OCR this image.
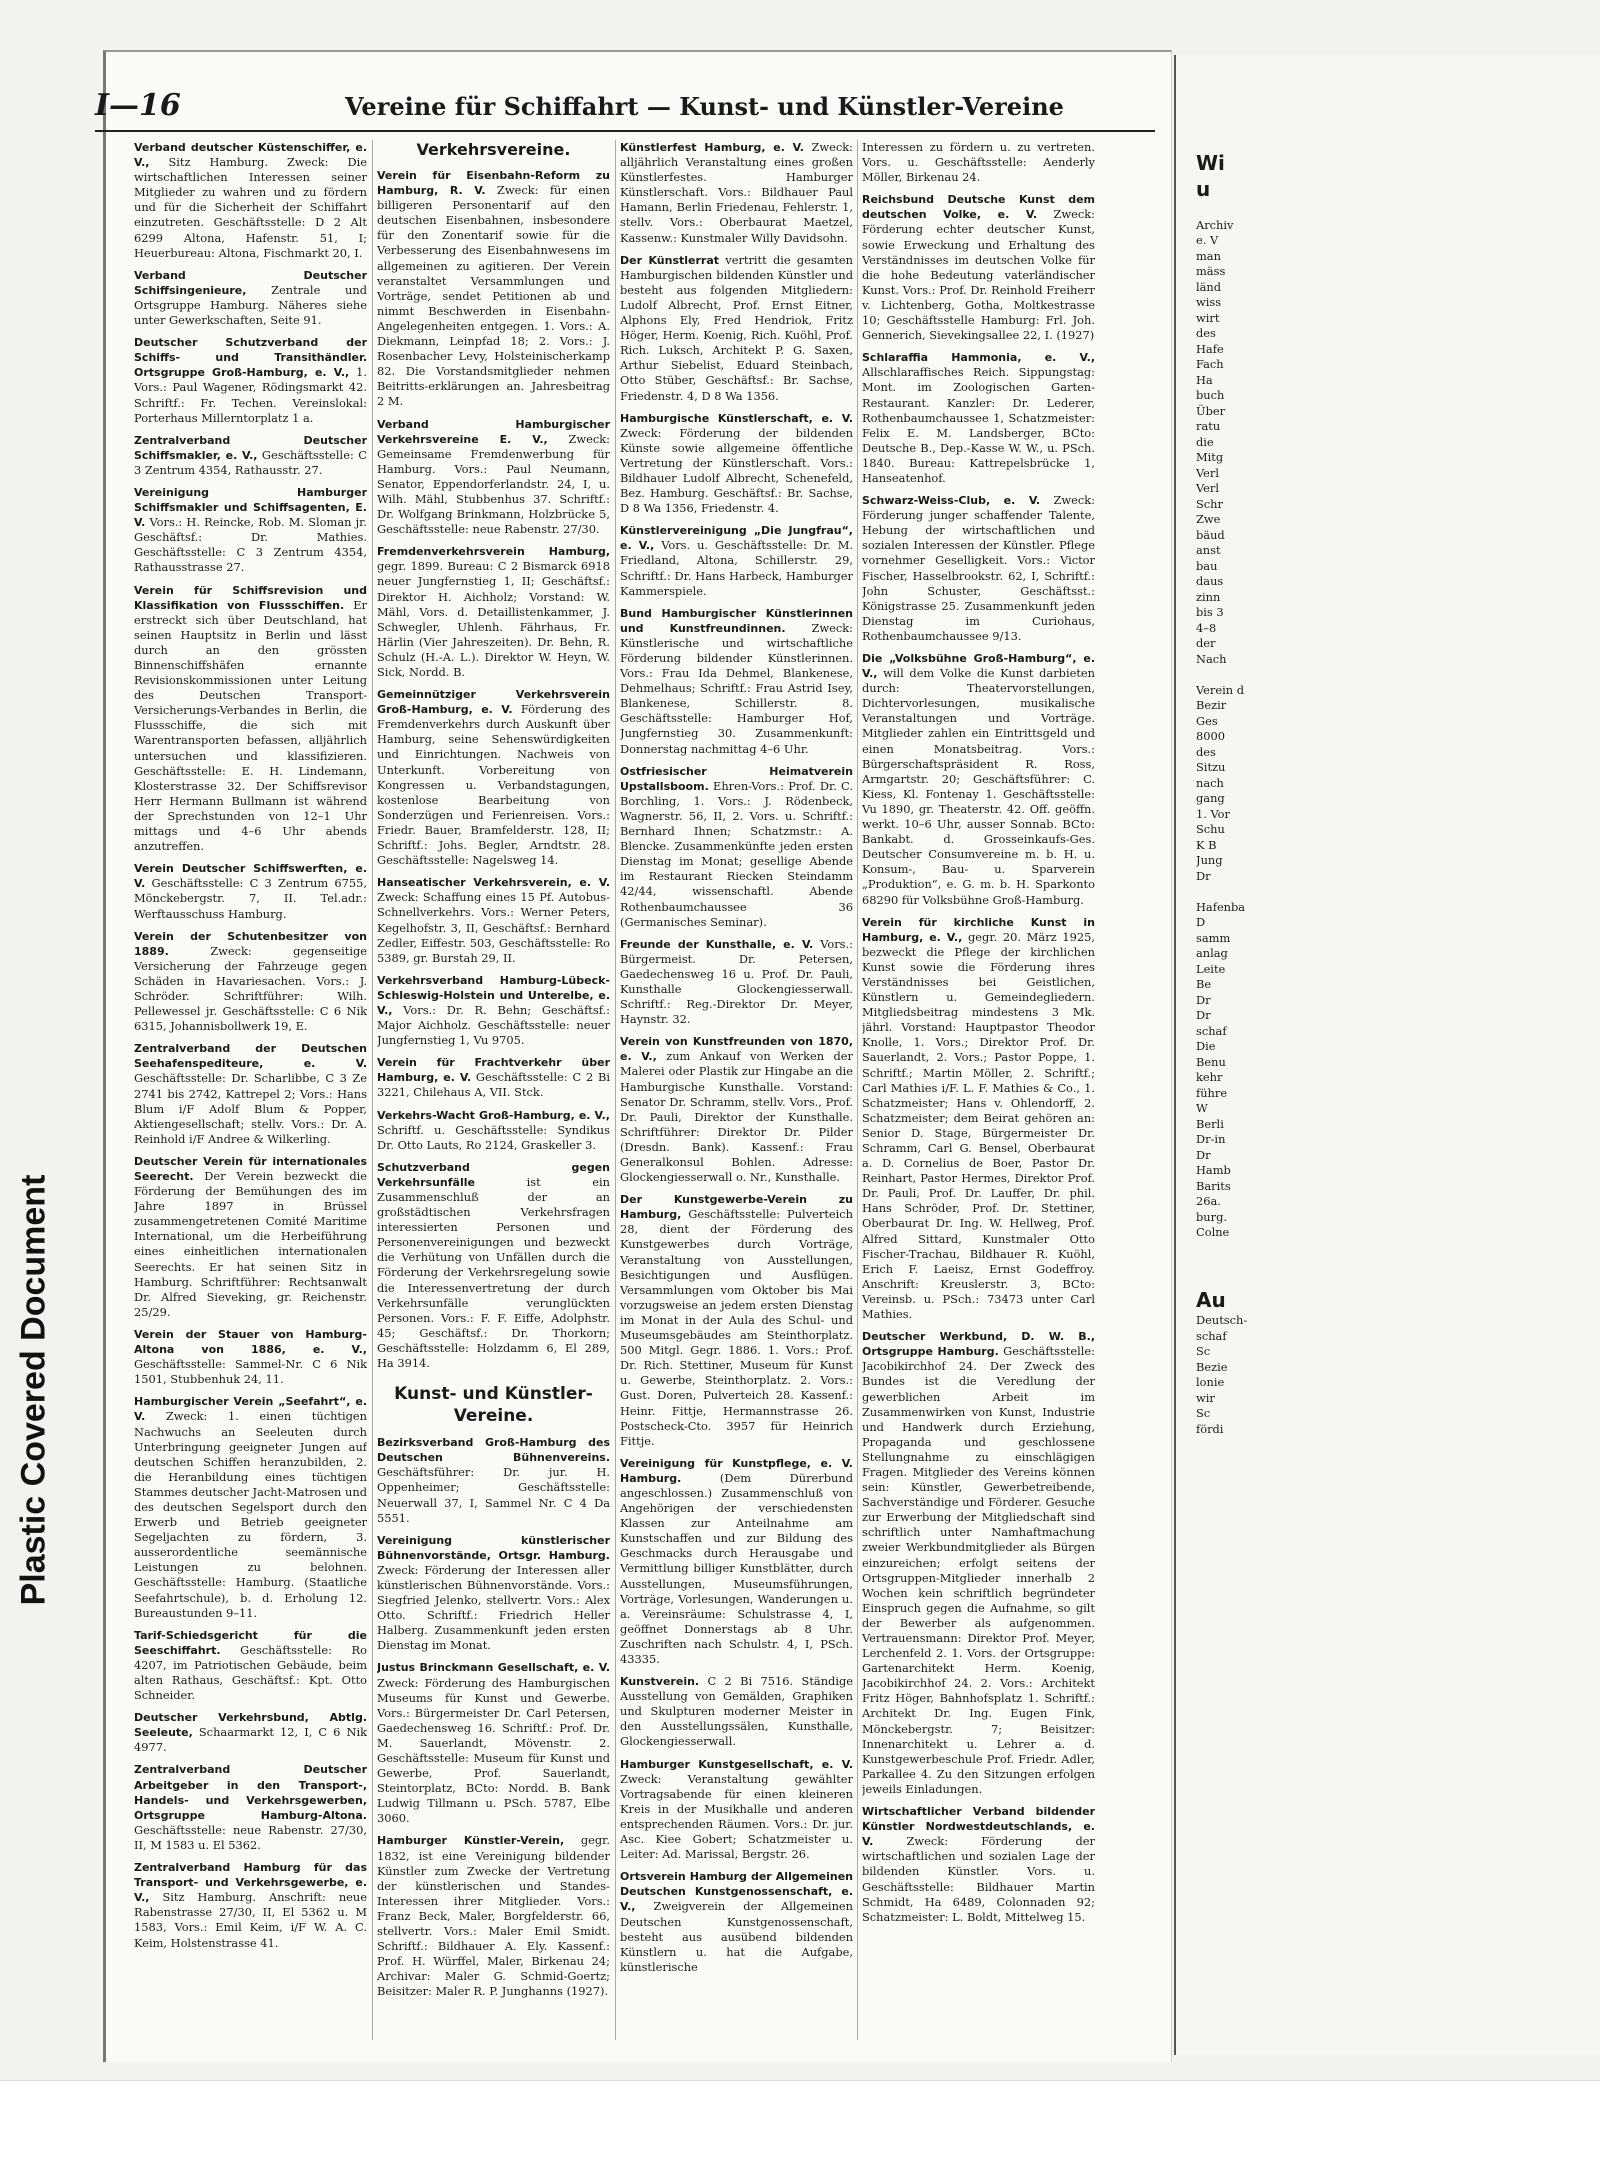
Plastic Covered Document

Wi

u

Archiv

e. V

man

mäss

länd

wiss

wirt

des

Hafe

Fach

Ha

buch

Über

ratu

die

Mitg

Verl

Verl

Schr

Zwe

bäud

anst

bau

daus

zinn

bis 3

4–8

der

Nach

Verein d

Bezir

Ges

8000

des

Sitzu

nach

gang

1. Vor

Schu

K B

Jung

Dr

Hafenba

D

samm

anlag

Leite

Be

Dr

Dr

schaf

Die

Benu

kehr

führe

W

Berli

Dr-in

Dr

Hamb

Barits

26a.

burg.

Colne

Au

Deutsch-

schaf

Sc

Bezie

lonie

wir

Sc

fördi

I—16	Vereine für Schiffahrt — Kunst- und Künstler-Vereine

Verband deutscher Küstenschiffer, e. V., Sitz Hamburg. Zweck: Die wirtschaftlichen Interessen seiner Mitglieder zu wahren und zu fördern und für die Sicherheit der Schiffahrt einzutreten. Geschäftsstelle: D 2 Alt 6299 Altona, Hafenstr. 51, I; Heuerbureau: Altona, Fischmarkt 20, I.

Verband Deutscher Schiffsingenieure, Zentrale und Ortsgruppe Hamburg. Näheres siehe unter Gewerkschaften, Seite 91.

Deutscher Schutzverband der Schiffs- und Transithändler. Ortsgruppe Groß-Hamburg, e. V., 1. Vors.: Paul Wagener, Rödingsmarkt 42. Schriftf.: Fr. Techen. Vereinslokal: Porterhaus Millerntorplatz 1 a.

Zentralverband Deutscher Schiffsmakler, e. V., Geschäftsstelle: C 3 Zentrum 4354, Rathausstr. 27.

Vereinigung Hamburger Schiffsmakler und Schiffsagenten, E. V. Vors.: H. Reincke, Rob. M. Sloman jr. Geschäftsf.: Dr. Mathies. Geschäftsstelle: C 3 Zentrum 4354, Rathausstrasse 27.

Verein für Schiffsrevision und Klassifikation von Flussschiffen. Er erstreckt sich über Deutschland, hat seinen Hauptsitz in Berlin und lässt durch an den grössten Binnenschiffshäfen ernannte Revisionskommissionen unter Leitung des Deutschen Transport-Versicherungs-Verbandes in Berlin, die Flussschiffe, die sich mit Warentransporten befassen, alljährlich untersuchen und klassifizieren. Geschäftsstelle: E. H. Lindemann, Klosterstrasse 32. Der Schiffsrevisor Herr Hermann Bullmann ist während der Sprechstunden von 12–1 Uhr mittags und 4–6 Uhr abends anzutreffen.

Verein Deutscher Schiffswerften, e. V. Geschäftsstelle: C 3 Zentrum 6755, Mönckebergstr. 7, II. Tel.adr.: Werftausschuss Hamburg.

Verein der Schutenbesitzer von 1889. Zweck: gegenseitige Versicherung der Fahrzeuge gegen Schäden in Havariesachen. Vors.: J. Schröder. Schriftführer: Wilh. Pellewessel jr. Geschäftsstelle: C 6 Nik 6315, Johannisbollwerk 19, E.

Zentralverband der Deutschen Seehafenspediteure, e. V. Geschäftsstelle: Dr. Scharlibbe, C 3 Ze 2741 bis 2742, Kattrepel 2; Vors.: Hans Blum i/F Adolf Blum & Popper, Aktiengesellschaft; stellv. Vors.: Dr. A. Reinhold i/F Andree & Wilkerling.

Deutscher Verein für internationales Seerecht. Der Verein bezweckt die Förderung der Bemühungen des im Jahre 1897 in Brüssel zusammengetretenen Comité Maritime International, um die Herbeiführung eines einheitlichen internationalen Seerechts. Er hat seinen Sitz in Hamburg. Schriftführer: Rechtsanwalt Dr. Alfred Sieveking, gr. Reichenstr. 25/29.

Verein der Stauer von Hamburg-Altona von 1886, e. V., Geschäftsstelle: Sammel-Nr. C 6 Nik 1501, Stubbenhuk 24, 11.

Hamburgischer Verein „Seefahrt“, e. V. Zweck: 1. einen tüchtigen Nachwuchs an Seeleuten durch Unterbringung geeigneter Jungen auf deutschen Schiffen heranzubilden, 2. die Heranbildung eines tüchtigen Stammes deutscher Jacht-Matrosen und des deutschen Segelsport durch den Erwerb und Betrieb geeigneter Segeljachten zu fördern, 3. ausserordentliche seemännische Leistungen zu belohnen. Geschäftsstelle: Hamburg. (Staatliche Seefahrtschule), b. d. Erholung 12. Bureaustunden 9–11.

Tarif-Schiedsgericht für die Seeschiffahrt. Geschäftsstelle: Ro 4207, im Patriotischen Gebäude, beim alten Rathaus, Geschäftsf.: Kpt. Otto Schneider.

Deutscher Verkehrsbund, Abtlg. Seeleute, Schaarmarkt 12, I, C 6 Nik 4977.

Zentralverband Deutscher Arbeitgeber in den Transport-, Handels- und Verkehrsgewerben, Ortsgruppe Hamburg-Altona. Geschäftsstelle: neue Rabenstr. 27/30, II, M 1583 u. El 5362.

Zentralverband Hamburg für das Transport- und Verkehrsgewerbe, e. V., Sitz Hamburg. Anschrift: neue Rabenstrasse 27/30, II, El 5362 u. M 1583, Vors.: Emil Keim, i/F W. A. C. Keim, Holstenstrasse 41.

Verkehrsvereine.

Verein für Eisenbahn-Reform zu Hamburg, R. V. Zweck: für einen billigeren Personentarif auf den deutschen Eisenbahnen, insbesondere für den Zonentarif sowie für die Verbesserung des Eisenbahnwesens im allgemeinen zu agitieren. Der Verein veranstaltet Versammlungen und Vorträge, sendet Petitionen ab und nimmt Beschwerden in Eisenbahn-Angelegenheiten entgegen. 1. Vors.: A. Diekmann, Leinpfad 18; 2. Vors.: J. Rosenbacher Levy, Holsteinischerkamp 82. Die Vorstandsmitglieder nehmen Beitritts-erklärungen an. Jahresbeitrag 2 M.

Verband Hamburgischer Verkehrsvereine E. V., Zweck: Gemeinsame Fremdenwerbung für Hamburg. Vors.: Paul Neumann, Senator, Eppendorferlandstr. 24, I, u. Wilh. Mähl, Stubbenhus 37. Schriftf.: Dr. Wolfgang Brinkmann, Holzbrücke 5, Geschäftsstelle: neue Rabenstr. 27/30.

Fremdenverkehrsverein Hamburg, gegr. 1899. Bureau: C 2 Bismarck 6918 neuer Jungfernstieg 1, II; Geschäftsf.: Direktor H. Aichholz; Vorstand: W. Mähl, Vors. d. Detaillistenkammer, J. Schwegler, Uhlenh. Fährhaus, Fr. Härlin (Vier Jahreszeiten). Dr. Behn, R. Schulz (H.-A. L.). Direktor W. Heyn, W. Sick, Nordd. B.

Gemeinnütziger Verkehrsverein Groß-Hamburg, e. V. Förderung des Fremdenverkehrs durch Auskunft über Hamburg, seine Sehenswürdigkeiten und Einrichtungen. Nachweis von Unterkunft. Vorbereitung von Kongressen u. Verbandstagungen, kostenlose Bearbeitung von Sonderzügen und Ferienreisen. Vors.: Friedr. Bauer, Bramfelderstr. 128, II; Schriftf.: Johs. Begler, Arndtstr. 28. Geschäftsstelle: Nagelsweg 14.

Hanseatischer Verkehrsverein, e. V. Zweck: Schaffung eines 15 Pf. Autobus-Schnellverkehrs. Vors.: Werner Peters, Kegelhofstr. 3, II, Geschäftsf.: Bernhard Zedler, Eiffestr. 503, Geschäftsstelle: Ro 5389, gr. Burstah 29, II.

Verkehrsverband Hamburg-Lübeck-Schleswig-Holstein und Unterelbe, e. V., Vors.: Dr. R. Behn; Geschäftsf.: Major Aichholz. Geschäftsstelle: neuer Jungfernstieg 1, Vu 9705.

Verein für Frachtverkehr über Hamburg, e. V. Geschäftsstelle: C 2 Bi 3221, Chilehaus A, VII. Stck.

Verkehrs-Wacht Groß-Hamburg, e. V., Schriftf. u. Geschäftsstelle: Syndikus Dr. Otto Lauts, Ro 2124, Graskeller 3.

Schutzverband gegen Verkehrsunfälle ist ein Zusammenschluß der an großstädtischen Verkehrsfragen interessierten Personen und Personenvereinigungen und bezweckt die Verhütung von Unfällen durch die Förderung der Verkehrsregelung sowie die Interessenvertretung der durch Verkehrsunfälle verunglückten Personen. Vors.: F. F. Eiffe, Adolphstr. 45; Geschäftsf.: Dr. Thorkorn; Geschäftsstelle: Holzdamm 6, El 289, Ha 3914.

Kunst- und Künstler-Vereine.

Bezirksverband Groß-Hamburg des Deutschen Bühnenvereins. Geschäftsführer: Dr. jur. H. Oppenheimer; Geschäftsstelle: Neuerwall 37, I, Sammel Nr. C 4 Da 5551.

Vereinigung künstlerischer Bühnenvorstände, Ortsgr. Hamburg. Zweck: Förderung der Interessen aller künstlerischen Bühnenvorstände. Vors.: Siegfried Jelenko, stellvertr. Vors.: Alex Otto. Schriftf.: Friedrich Heller Halberg. Zusammenkunft jeden ersten Dienstag im Monat.

Justus Brinckmann Gesellschaft, e. V. Zweck: Förderung des Hamburgischen Museums für Kunst und Gewerbe. Vors.: Bürgermeister Dr. Carl Petersen, Gaedechensweg 16. Schriftf.: Prof. Dr. M. Sauerlandt, Mövenstr. 2. Geschäftsstelle: Museum für Kunst und Gewerbe, Prof. Sauerlandt, Steintorplatz, BCto: Nordd. B. Bank Ludwig Tillmann u. PSch. 5787, Elbe 3060.

Hamburger Künstler-Verein, gegr. 1832, ist eine Vereinigung bildender Künstler zum Zwecke der Vertretung der künstlerischen und Standes-Interessen ihrer Mitglieder. Vors.: Franz Beck, Maler, Borgfelderstr. 66, stellvertr. Vors.: Maler Emil Smidt. Schriftf.: Bildhauer A. Ely. Kassenf.: Prof. H. Würffel, Maler, Birkenau 24; Archivar: Maler G. Schmid-Goertz; Beisitzer: Maler R. P. Junghanns (1927).

Künstlerfest Hamburg, e. V. Zweck: alljährlich Veranstaltung eines großen Künstlerfestes. Hamburger Künstlerschaft. Vors.: Bildhauer Paul Hamann, Berlin Friedenau, Fehlerstr. 1, stellv. Vors.: Oberbaurat Maetzel, Kassenw.: Kunstmaler Willy Davidsohn.

Der Künstlerrat vertritt die gesamten Hamburgischen bildenden Künstler und besteht aus folgenden Mitgliedern: Ludolf Albrecht, Prof. Ernst Eitner, Alphons Ely, Fred Hendriok, Fritz Höger, Herm. Koenig, Rich. Kuöhl, Prof. Rich. Luksch, Architekt P. G. Saxen, Arthur Siebelist, Eduard Steinbach, Otto Stüber, Geschäftsf.: Br. Sachse, Friedenstr. 4, D 8 Wa 1356.

Hamburgische Künstlerschaft, e. V. Zweck: Förderung der bildenden Künste sowie allgemeine öffentliche Vertretung der Künstlerschaft. Vors.: Bildhauer Ludolf Albrecht, Schenefeld, Bez. Hamburg. Geschäftsf.: Br. Sachse, D 8 Wa 1356, Friedenstr. 4.

Künstlervereinigung „Die Jungfrau“, e. V., Vors. u. Geschäftsstelle: Dr. M. Friedland, Altona, Schillerstr. 29, Schriftf.: Dr. Hans Harbeck, Hamburger Kammerspiele.

Bund Hamburgischer Künstlerinnen und Kunstfreundinnen. Zweck: Künstlerische und wirtschaftliche Förderung bildender Künstlerinnen. Vors.: Frau Ida Dehmel, Blankenese, Dehmelhaus; Schriftf.: Frau Astrid Isey, Blankenese, Schillerstr. 8. Geschäftsstelle: Hamburger Hof, Jungfernstieg 30. Zusammenkunft: Donnerstag nachmittag 4–6 Uhr.

Ostfriesischer Heimatverein Upstallsboom. Ehren-Vors.: Prof. Dr. C. Borchling, 1. Vors.: J. Rödenbeck, Wagnerstr. 56, II, 2. Vors. u. Schriftf.: Bernhard Ihnen; Schatzmstr.: A. Blencke. Zusammenkünfte jeden ersten Dienstag im Monat; gesellige Abende im Restaurant Riecken Steindamm 42/44, wissenschaftl. Abende Rothenbaumchaussee 36 (Germanisches Seminar).

Freunde der Kunsthalle, e. V. Vors.: Bürgermeist. Dr. Petersen, Gaedechensweg 16 u. Prof. Dr. Pauli, Kunsthalle Glockengiesserwall. Schriftf.: Reg.-Direktor Dr. Meyer, Haynstr. 32.

Verein von Kunstfreunden von 1870, e. V., zum Ankauf von Werken der Malerei oder Plastik zur Hingabe an die Hamburgische Kunsthalle. Vorstand: Senator Dr. Schramm, stellv. Vors., Prof. Dr. Pauli, Direktor der Kunsthalle. Schriftführer: Direktor Dr. Pilder (Dresdn. Bank). Kassenf.: Frau Generalkonsul Bohlen. Adresse: Glockengiesserwall o. Nr., Kunsthalle.

Der Kunstgewerbe-Verein zu Hamburg, Geschäftsstelle: Pulverteich 28, dient der Förderung des Kunstgewerbes durch Vorträge, Veranstaltung von Ausstellungen, Besichtigungen und Ausflügen. Versammlungen vom Oktober bis Mai vorzugsweise an jedem ersten Dienstag im Monat in der Aula des Schul- und Museumsgebäudes am Steinthorplatz. 500 Mitgl. Gegr. 1886. 1. Vors.: Prof. Dr. Rich. Stettiner, Museum für Kunst u. Gewerbe, Steinthorplatz. 2. Vors.: Gust. Doren, Pulverteich 28. Kassenf.: Heinr. Fittje, Hermannstrasse 26. Postscheck-Cto. 3957 für Heinrich Fittje.

Vereinigung für Kunstpflege, e. V. Hamburg. (Dem Dürerbund angeschlossen.) Zusammenschluß von Angehörigen der verschiedensten Klassen zur Anteilnahme am Kunstschaffen und zur Bildung des Geschmacks durch Herausgabe und Vermittlung billiger Kunstblätter, durch Ausstellungen, Museumsführungen, Vorträge, Vorlesungen, Wanderungen u. a. Vereinsräume: Schulstrasse 4, I, geöffnet Donnerstags ab 8 Uhr. Zuschriften nach Schulstr. 4, I, PSch. 43335.

Kunstverein. C 2 Bi 7516. Ständige Ausstellung von Gemälden, Graphiken und Skulpturen moderner Meister in den Ausstellungssälen, Kunsthalle, Glockengiesserwall.

Hamburger Kunstgesellschaft, e. V. Zweck: Veranstaltung gewählter Vortragsabende für einen kleineren Kreis in der Musikhalle und anderen entsprechenden Räumen. Vors.: Dr. jur. Asc. Kiee Gobert; Schatzmeister u. Leiter: Ad. Marissal, Bergstr. 26.

Ortsverein Hamburg der Allgemeinen Deutschen Kunstgenossenschaft, e. V., Zweigverein der Allgemeinen Deutschen Kunstgenossenschaft, besteht aus ausübend bildenden Künstlern u. hat die Aufgabe, künstlerische

Interessen zu fördern u. zu vertreten. Vors. u. Geschäftsstelle: Aenderly Möller, Birkenau 24.

Reichsbund Deutsche Kunst dem deutschen Volke, e. V. Zweck: Förderung echter deutscher Kunst, sowie Erweckung und Erhaltung des Verständnisses im deutschen Volke für die hohe Bedeutung vaterländischer Kunst. Vors.: Prof. Dr. Reinhold Freiherr v. Lichtenberg, Gotha, Moltkestrasse 10; Geschäftsstelle Hamburg: Frl. Joh. Gennerich, Sievekingsallee 22, I. (1927)

Schlaraffia Hammonia, e. V., Allschlaraffisches Reich. Sippungstag: Mont. im Zoologischen Garten-Restaurant. Kanzler: Dr. Lederer, Rothenbaumchaussee 1, Schatzmeister: Felix E. M. Landsberger, BCto: Deutsche B., Dep.-Kasse W. W., u. PSch. 1840. Bureau: Kattrepelsbrücke 1, Hanseatenhof.

Schwarz-Weiss-Club, e. V. Zweck: Förderung junger schaffender Talente, Hebung der wirtschaftlichen und sozialen Interessen der Künstler. Pflege vornehmer Geselligkeit. Vors.: Victor Fischer, Hasselbrookstr. 62, I, Schriftf.: John Schuster, Geschäftsst.: Königstrasse 25. Zusammenkunft jeden Dienstag im Curiohaus, Rothenbaumchaussee 9/13.

Die „Volksbühne Groß-Hamburg“, e. V., will dem Volke die Kunst darbieten durch: Theatervorstellungen, Dichtervorlesungen, musikalische Veranstaltungen und Vorträge. Mitglieder zahlen ein Eintrittsgeld und einen Monatsbeitrag. Vors.: Bürgerschaftspräsident R. Ross, Armgartstr. 20; Geschäftsführer: C. Kiess, Kl. Fontenay 1. Geschäftsstelle: Vu 1890, gr. Theaterstr. 42. Off. geöffn. werkt. 10–6 Uhr, ausser Sonnab. BCto: Bankabt. d. Grosseinkaufs-Ges. Deutscher Consumvereine m. b. H. u. Konsum-, Bau- u. Sparverein „Produktion“, e. G. m. b. H. Sparkonto 68290 für Volksbühne Groß-Hamburg.

Verein für kirchliche Kunst in Hamburg, e. V., gegr. 20. März 1925, bezweckt die Pflege der kirchlichen Kunst sowie die Förderung ihres Verständnisses bei Geistlichen, Künstlern u. Gemeindegliedern. Mitgliedsbeitrag mindestens 3 Mk. jährl. Vorstand: Hauptpastor Theodor Knolle, 1. Vors.; Direktor Prof. Dr. Sauerlandt, 2. Vors.; Pastor Poppe, 1. Schriftf.; Martin Möller, 2. Schriftf.; Carl Mathies i/F. L. F. Mathies & Co., 1. Schatzmeister; Hans v. Ohlendorff, 2. Schatzmeister; dem Beirat gehören an: Senior D. Stage, Bürgermeister Dr. Schramm, Carl G. Bensel, Oberbaurat a. D. Cornelius de Boer, Pastor Dr. Reinhart, Pastor Hermes, Direktor Prof. Dr. Pauli, Prof. Dr. Lauffer, Dr. phil. Hans Schröder, Prof. Dr. Stettiner, Oberbaurat Dr. Ing. W. Hellweg, Prof. Alfred Sittard, Kunstmaler Otto Fischer-Trachau, Bildhauer R. Kuöhl, Erich F. Laeisz, Ernst Godeffroy. Anschrift: Kreuslerstr. 3, BCto: Vereinsb. u. PSch.: 73473 unter Carl Mathies.

Deutscher Werkbund, D. W. B., Ortsgruppe Hamburg. Geschäftsstelle: Jacobikirchhof 24. Der Zweck des Bundes ist die Veredlung der gewerblichen Arbeit im Zusammenwirken von Kunst, Industrie und Handwerk durch Erziehung, Propaganda und geschlossene Stellungnahme zu einschlägigen Fragen. Mitglieder des Vereins können sein: Künstler, Gewerbetreibende, Sachverständige und Förderer. Gesuche zur Erwerbung der Mitgliedschaft sind schriftlich unter Namhaftmachung zweier Werkbundmitglieder als Bürgen einzureichen; erfolgt seitens der Ortsgruppen-Mitglieder innerhalb 2 Wochen kein schriftlich begründeter Einspruch gegen die Aufnahme, so gilt der Bewerber als aufgenommen. Vertrauensmann: Direktor Prof. Meyer, Lerchenfeld 2. 1. Vors. der Ortsgruppe: Gartenarchitekt Herm. Koenig, Jacobikirchhof 24. 2. Vors.: Architekt Fritz Höger, Bahnhofsplatz 1. Schriftf.: Architekt Dr. Ing. Eugen Fink, Mönckebergstr. 7; Beisitzer: Innenarchitekt u. Lehrer a. d. Kunstgewerbeschule Prof. Friedr. Adler, Parkallee 4. Zu den Sitzungen erfolgen jeweils Einladungen.

Wirtschaftlicher Verband bildender Künstler Nordwestdeutschlands, e. V. Zweck: Förderung der wirtschaftlichen und sozialen Lage der bildenden Künstler. Vors. u. Geschäftsstelle: Bildhauer Martin Schmidt, Ha 6489, Colonnaden 92; Schatzmeister: L. Boldt, Mittelweg 15.
